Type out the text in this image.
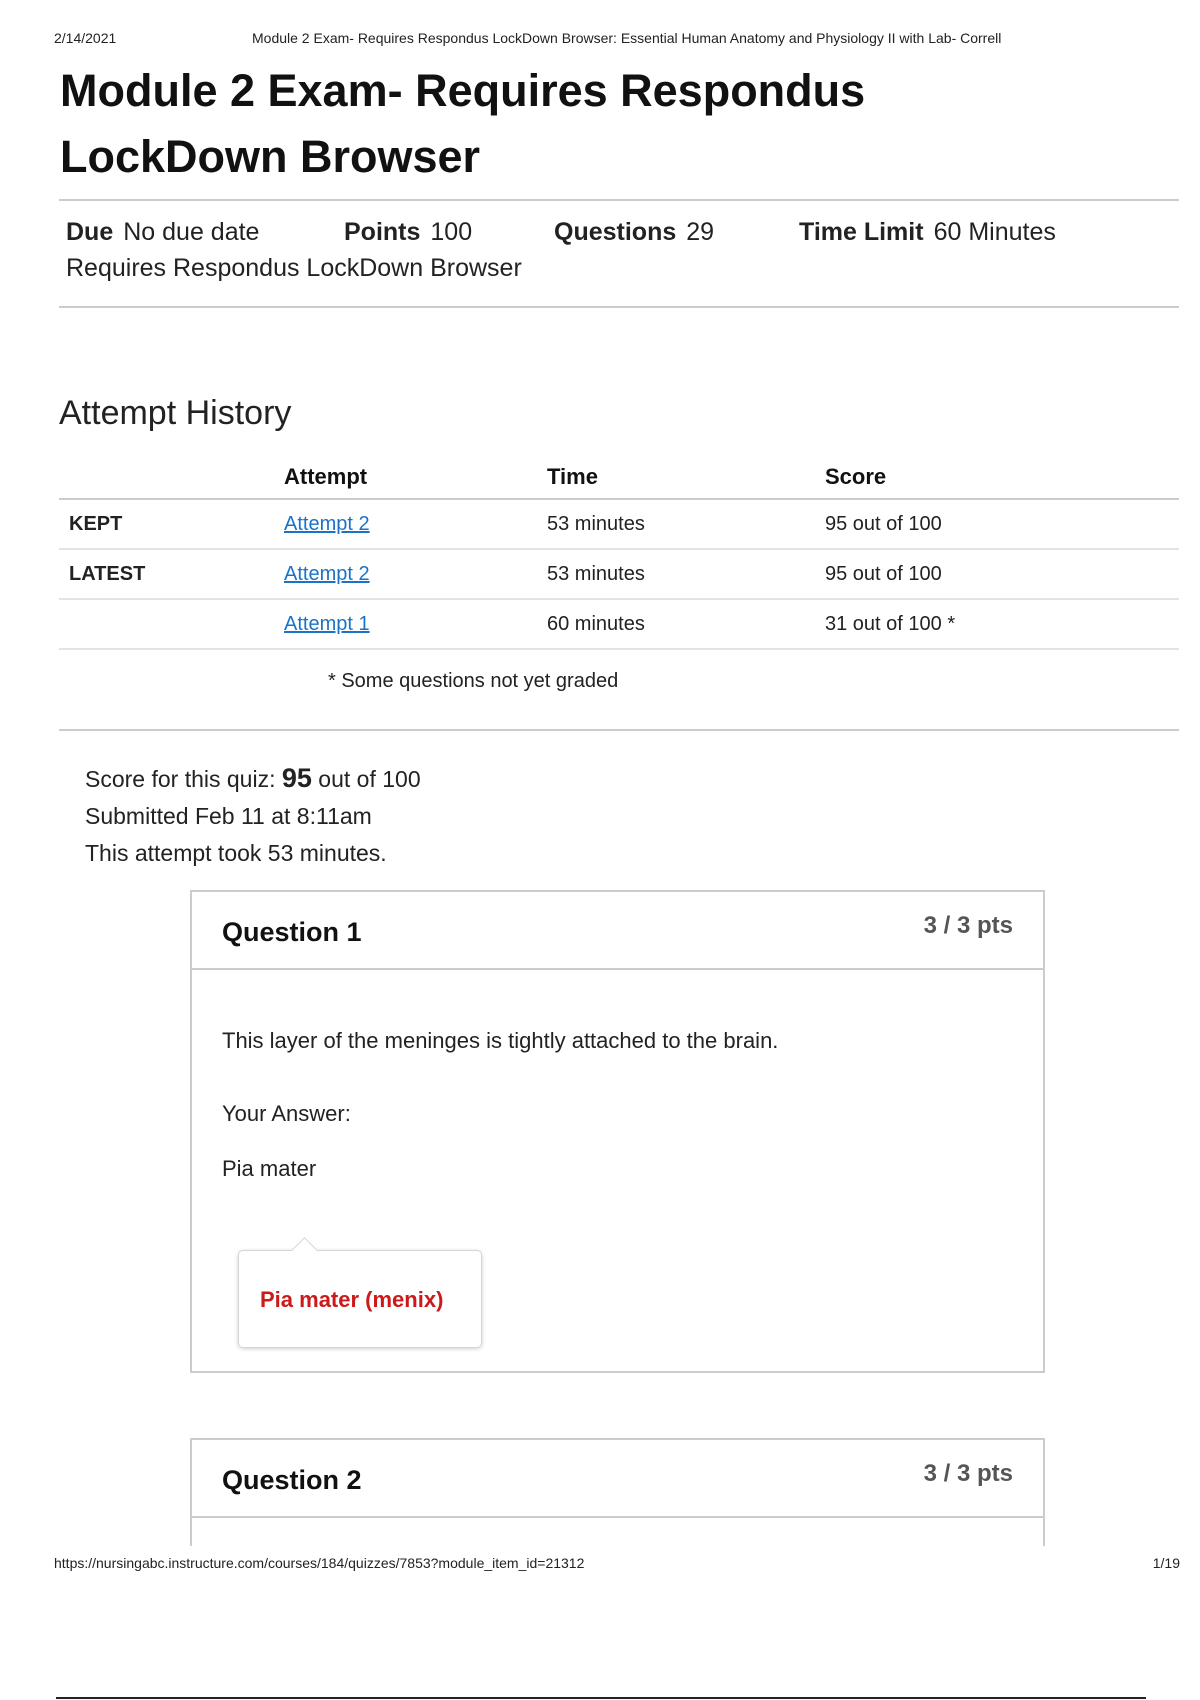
2/14/2021	Module 2 Exam- Requires Respondus LockDown Browser: Essential Human Anatomy and Physiology II with Lab- Correll
Module 2 Exam- Requires Respondus LockDown Browser
Due No due date	Points 100	Questions 29	Time Limit 60 Minutes
Requires Respondus LockDown Browser
Attempt History
	Attempt	Time	Score
KEPT	Attempt 2	53 minutes	95 out of 100
LATEST	Attempt 2	53 minutes	95 out of 100
	Attempt 1	60 minutes	31 out of 100 *
* Some questions not yet graded
Score for this quiz: 95 out of 100
Submitted Feb 11 at 8:11am
This attempt took 53 minutes.
Question 1	3 / 3 pts
This layer of the meninges is tightly attached to the brain.
Your Answer:
Pia mater
Pia mater (menix)
Question 2	3 / 3 pts
https://nursingabc.instructure.com/courses/184/quizzes/7853?module_item_id=21312	1/19
